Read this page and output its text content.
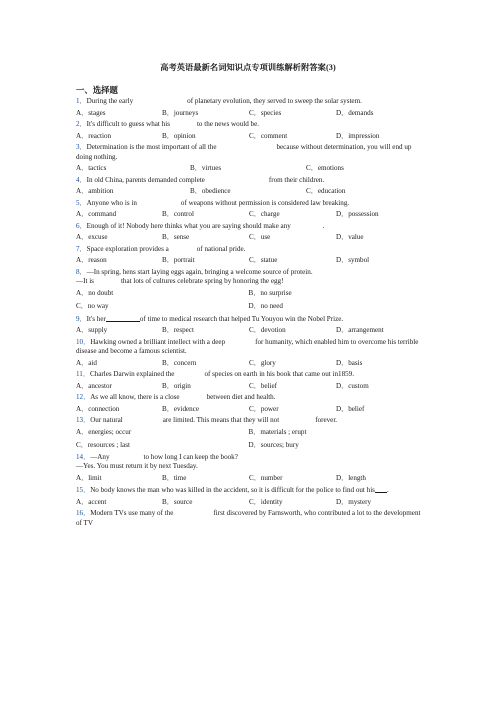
高考英语最新名词知识点专项训练解析附答案(3)
一、选择题
1．During the early	of planetary evolution, they served to sweep the solar system.
A．stages	B．journeys	C．species	D．demands
2．It's difficult to guess what his	to the news would be.
A．reaction	B．opinion	C．comment	D．impression
3．Determination is the most important of all the	because without determination, you will end up doing nothing.
A．tactics	B．virtues	C．emotions
4．In old China, parents demanded complete	from their children.
A．ambition	B．obedience	C．education
5．Anyone who is in	of weapons without permission is considered law breaking.
A．command	B．control	C．charge	D．possession
6．Enough of it! Nobody here thinks what you are saying should make any	.
A．excuse	B．sense	C．use	D．value
7．Space exploration provides a	of national pride.
A．reason	B．portrait	C．statue	D．symbol
8．—In spring, hens start laying eggs again, bringing a welcome source of protein.
—It is	that lots of cultures celebrate spring by honoring the egg!
A．no doubt	B．no surprise
C．no way	D．no need
9．It's her	of time to medical research that helped Tu Youyou win the Nobel Prize.
A．supply	B．respect	C．devotion	D．arrangement
10．Hawking owned a brilliant intellect with a deep	for humanity, which enabled him to overcome his terrible disease and become a famous scientist.
A．aid	B．concern	C．glory	D．basis
11．Charles Darwin explained the	of species on earth in his book that came out in1859.
A．ancestor	B．origin	C．belief	D．custom
12．As we all know, there is a close	between diet and health.
A．connection	B．evidence	C．power	D．belief
13．Our natural	are limited. This means that they will not	forever.
A．energies; occur	B．materials ; erupt
C．resources ; last	D．sources; bury
14．—Any	to how long I can keep the book?
—Yes. You must return it by next Tuesday.
A．limit	B．time	C．number	D．length
15．No body knows the man who was killed in the accident, so it is difficult for the police to find out his .
A．accent	B．source	C．identity	D．mystery
16．Modern TVs use many of the	first discovered by Farnsworth, who contributed a lot to the development of TV
